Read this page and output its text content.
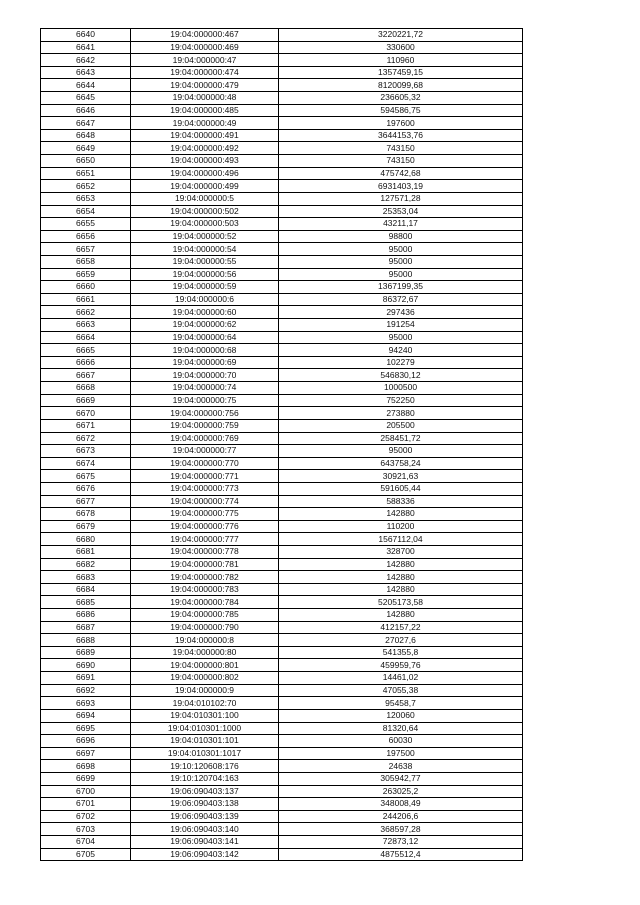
6640	19:04:000000:467	3220221,72
6641	19:04:000000:469	330600
6642	19:04:000000:47	110960
6643	19:04:000000:474	1357459,15
6644	19:04:000000:479	8120099,68
6645	19:04:000000:48	236605,32
6646	19:04:000000:485	594586,75
6647	19:04:000000:49	197600
6648	19:04:000000:491	3644153,76
6649	19:04:000000:492	743150
6650	19:04:000000:493	743150
6651	19:04:000000:496	475742,68
6652	19:04:000000:499	6931403,19
6653	19:04:000000:5	127571,28
6654	19:04:000000:502	25353,04
6655	19:04:000000:503	43211,17
6656	19:04:000000:52	98800
6657	19:04:000000:54	95000
6658	19:04:000000:55	95000
6659	19:04:000000:56	95000
6660	19:04:000000:59	1367199,35
6661	19:04:000000:6	86372,67
6662	19:04:000000:60	297436
6663	19:04:000000:62	191254
6664	19:04:000000:64	95000
6665	19:04:000000:68	94240
6666	19:04:000000:69	102279
6667	19:04:000000:70	546830,12
6668	19:04:000000:74	1000500
6669	19:04:000000:75	752250
6670	19:04:000000:756	273880
6671	19:04:000000:759	205500
6672	19:04:000000:769	258451,72
6673	19:04:000000:77	95000
6674	19:04:000000:770	643758,24
6675	19:04:000000:771	30921,63
6676	19:04:000000:773	591605,44
6677	19:04:000000:774	588336
6678	19:04:000000:775	142880
6679	19:04:000000:776	110200
6680	19:04:000000:777	1567112,04
6681	19:04:000000:778	328700
6682	19:04:000000:781	142880
6683	19:04:000000:782	142880
6684	19:04:000000:783	142880
6685	19:04:000000:784	5205173,58
6686	19:04:000000:785	142880
6687	19:04:000000:790	412157,22
6688	19:04:000000:8	27027,6
6689	19:04:000000:80	541355,8
6690	19:04:000000:801	459959,76
6691	19:04:000000:802	14461,02
6692	19:04:000000:9	47055,38
6693	19:04:010102:70	95458,7
6694	19:04:010301:100	120060
6695	19:04:010301:1000	81320,64
6696	19:04:010301:101	60030
6697	19:04:010301:1017	197500
6698	19:10:120608:176	24638
6699	19:10:120704:163	305942,77
6700	19:06:090403:137	263025,2
6701	19:06:090403:138	348008,49
6702	19:06:090403:139	244206,6
6703	19:06:090403:140	368597,28
6704	19:06:090403:141	72873,12
6705	19:06:090403:142	4875512,4
